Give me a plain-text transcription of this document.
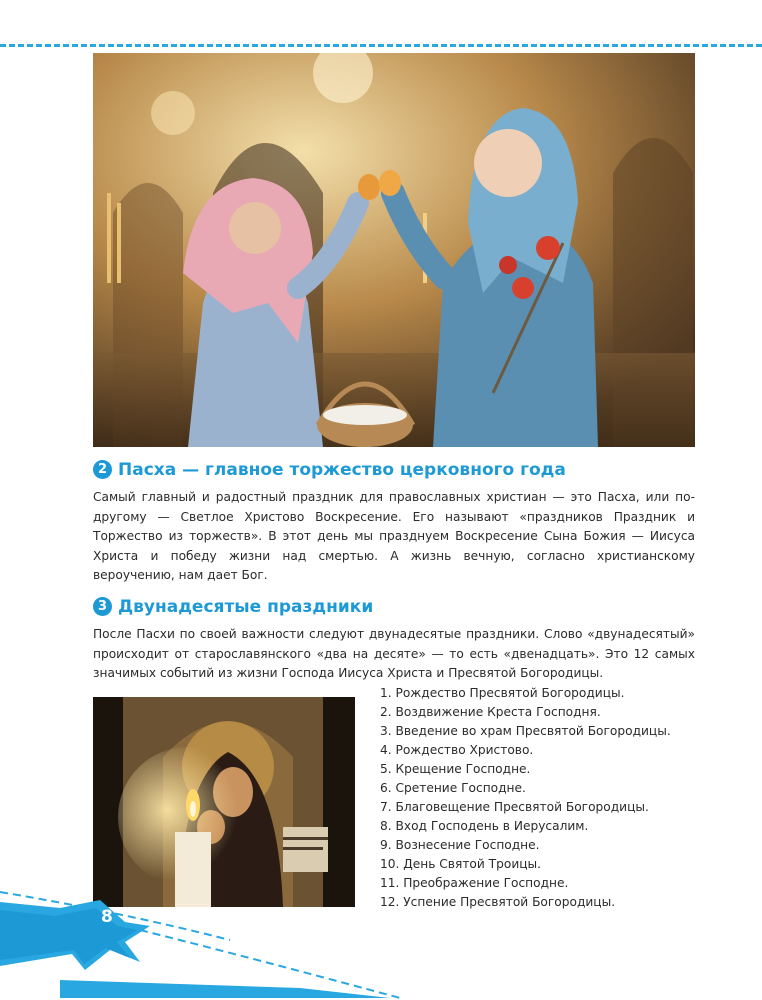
2 Пасха — главное торжество церковного года

Самый главный и радостный праздник для православных христиан — это Пасха, или по-другому — Светлое Христово Воскресение. Его называют «праздников Праздник и Торжество из торжеств». В этот день мы празднуем Воскресение Сына Божия — Иисуса Христа и победу жизни над смертью. А жизнь вечную, согласно христианскому вероучению, нам дает Бог.

3 Двунадесятые праздники

После Пасхи по своей важности следуют двунадесятые праздники. Слово «двунадесятый» происходит от старославянского «два на десяте» — то есть «двенадцать». Это 12 самых значимых событий из жизни Господа Иисуса Христа и Пресвятой Богородицы.

1. Рождество Пресвятой Богородицы.
2. Воздвижение Креста Господня.
3. Введение во храм Пресвятой Богородицы.
4. Рождество Христово.
5. Крещение Господне.
6. Сретение Господне.
7. Благовещение Пресвятой Богородицы.
8. Вход Господень в Иерусалим.
9. Вознесение Господне.
10. День Святой Троицы.
11. Преображение Господне.
12. Успение Пресвятой Богородицы.
8
